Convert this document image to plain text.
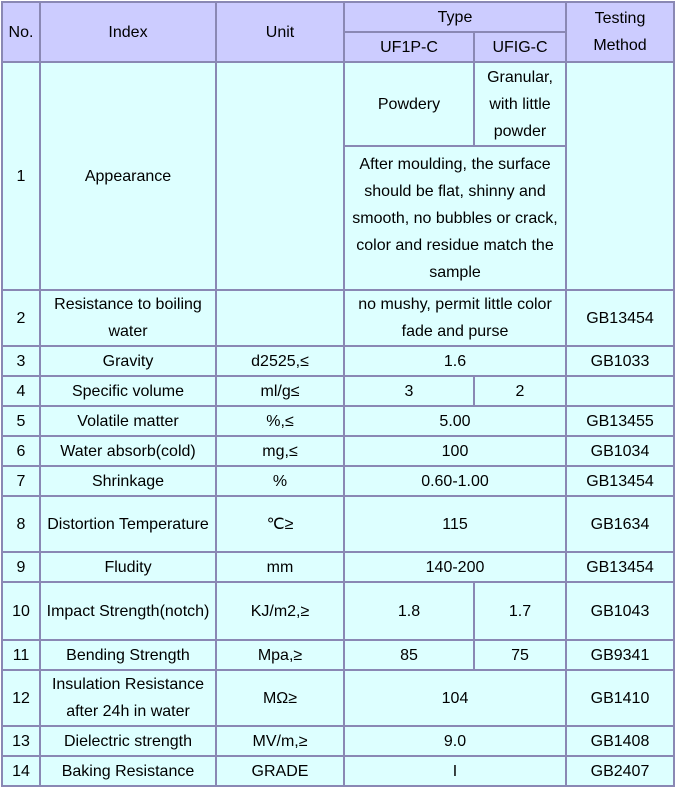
No.	Index	Unit	Type		Testing Method
			UF1P-C	UFIG-C	
1	Appearance		Powdery	Granular, with little powder	
			After moulding, the surface should be flat, shinny and smooth, no bubbles or crack, color and residue match the sample		
2	Resistance to boiling water		no mushy, permit little color fade and purse		GB13454
3	Gravity	d2525,≤	1.6		GB1033
4	Specific volume	ml/g≤	3	2	
5	Volatile matter	%,≤	5.00		GB13455
6	Water absorb(cold)	mg,≤	100		GB1034
7	Shrinkage	%	0.60-1.00		GB13454
8	Distortion Temperature	℃≥	115		GB1634
9	Fludity	mm	140-200		GB13454
10	Impact Strength(notch)	KJ/m2,≥	1.8	1.7	GB1043
11	Bending Strength	Mpa,≥	85	75	GB9341
12	Insulation Resistance after 24h in water	MΩ≥	104		GB1410
13	Dielectric strength	MV/m,≥	9.0		GB1408
14	Baking Resistance	GRADE	I		GB2407
